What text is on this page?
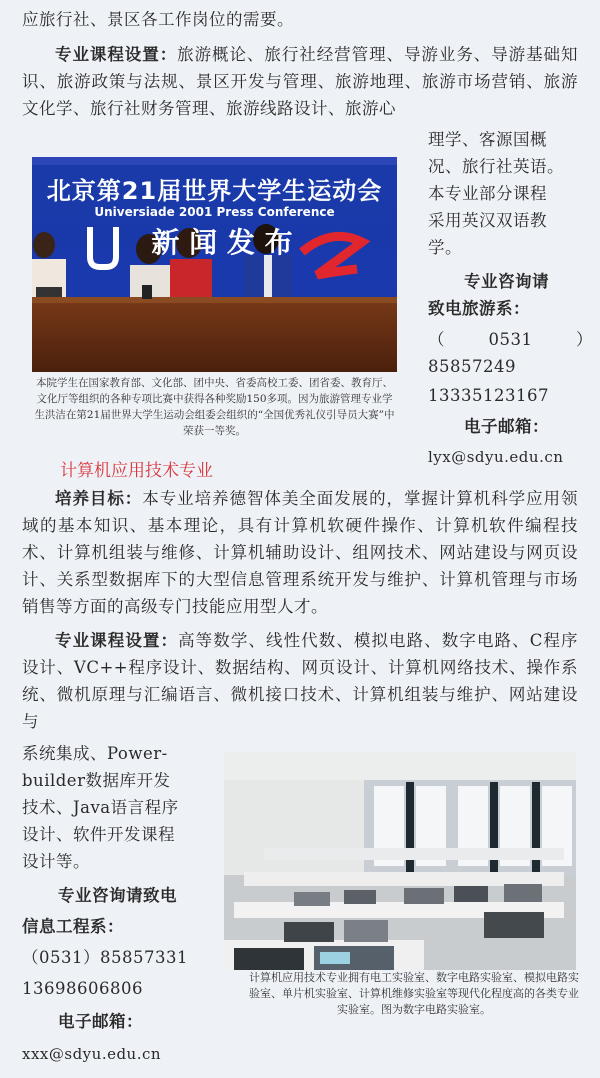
应旅行社、景区各工作岗位的需要。

专业课程设置：旅游概论、旅行社经营管理、导游业务、导游基础知识、旅游政策与法规、景区开发与管理、旅游地理、旅游市场营销、旅游文化学、旅行社财务管理、旅游线路设计、旅游心

理学、客源国概
况、旅行社英语。
本专业部分课程
采用英汉双语教
学。
专业咨询请
致电旅游系：
（0531）85857249
13335123167
电子邮箱：
lyx@sdyu.edu.cn
北京第21届世界大学生运动会
Universiade 2001 Press Conference
新 闻 发 布
本院学生在国家教育部、文化部、团中央、省委高校工委、团省委、教育厅、文化厅等组织的各种专项比赛中获得各种奖励150多项。因为旅游管理专业学生洪洁在第21届世界大学生运动会组委会组织的“全国优秀礼仪引导员大赛”中荣获一等奖。
计算机应用技术专业

培养目标：本专业培养德智体美全面发展的，掌握计算机科学应用领域的基本知识、基本理论，具有计算机软硬件操作、计算机软件编程技术、计算机组装与维修、计算机辅助设计、组网技术、网站建设与网页设计、关系型数据库下的大型信息管理系统开发与维护、计算机管理与市场销售等方面的高级专门技能应用型人才。

专业课程设置：高等数学、线性代数、模拟电路、数字电路、C程序设计、VC++程序设计、数据结构、网页设计、计算机网络技术、操作系统、微机原理与汇编语言、微机接口技术、计算机组装与维护、网站建设与

系统集成、Power-
builder数据库开发
技术、Java语言程序
设计、软件开发课程
设计等。
专业咨询请致电
信息工程系：
（0531）85857331
13698606806
电子邮箱：
xxx@sdyu.edu.cn
计算机应用技术专业拥有电工实验室、数字电路实验室、模拟电路实验室、单片机实验室、计算机维修实验室等现代化程度高的各类专业实验室。图为数字电路实验室。
